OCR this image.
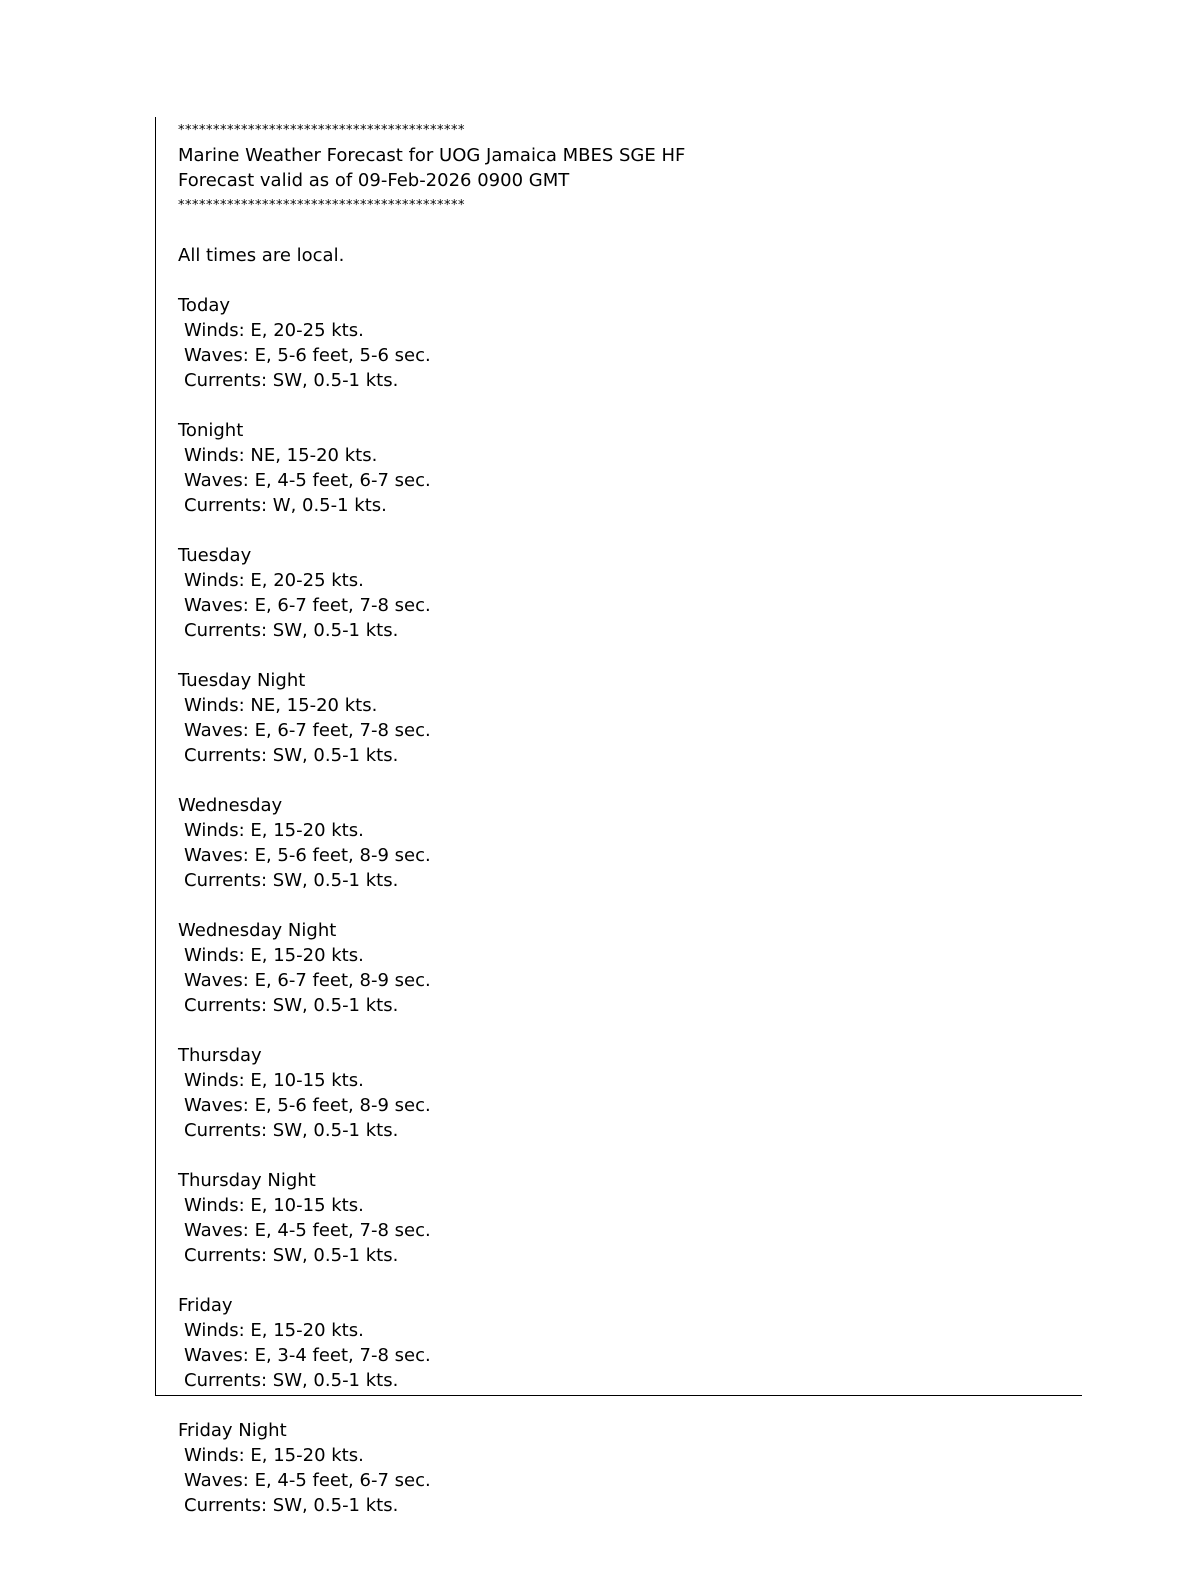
*****************************************
Marine Weather Forecast for UOG Jamaica MBES SGE HF
Forecast valid as of 09-Feb-2026 0900 GMT
*****************************************
All times are local.
Today
Winds: E, 20-25 kts.
Waves: E, 5-6 feet, 5-6 sec.
Currents: SW, 0.5-1 kts.
Tonight
Winds: NE, 15-20 kts.
Waves: E, 4-5 feet, 6-7 sec.
Currents: W, 0.5-1 kts.
Tuesday
Winds: E, 20-25 kts.
Waves: E, 6-7 feet, 7-8 sec.
Currents: SW, 0.5-1 kts.
Tuesday Night
Winds: NE, 15-20 kts.
Waves: E, 6-7 feet, 7-8 sec.
Currents: SW, 0.5-1 kts.
Wednesday
Winds: E, 15-20 kts.
Waves: E, 5-6 feet, 8-9 sec.
Currents: SW, 0.5-1 kts.
Wednesday Night
Winds: E, 15-20 kts.
Waves: E, 6-7 feet, 8-9 sec.
Currents: SW, 0.5-1 kts.
Thursday
Winds: E, 10-15 kts.
Waves: E, 5-6 feet, 8-9 sec.
Currents: SW, 0.5-1 kts.
Thursday Night
Winds: E, 10-15 kts.
Waves: E, 4-5 feet, 7-8 sec.
Currents: SW, 0.5-1 kts.
Friday
Winds: E, 15-20 kts.
Waves: E, 3-4 feet, 7-8 sec.
Currents: SW, 0.5-1 kts.
Friday Night
Winds: E, 15-20 kts.
Waves: E, 4-5 feet, 6-7 sec.
Currents: SW, 0.5-1 kts.
